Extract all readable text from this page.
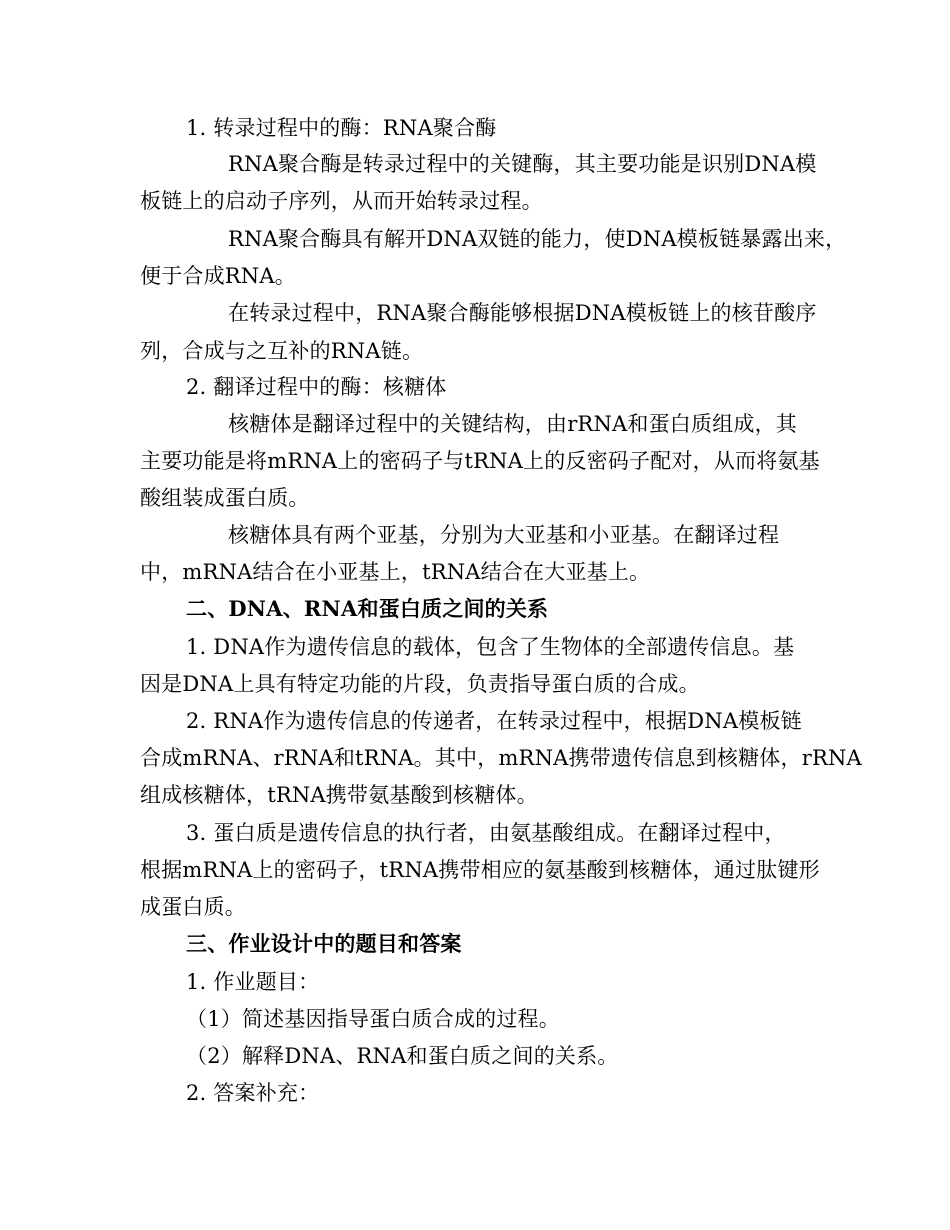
1. 转录过程中的酶：RNA聚合酶
RNA聚合酶是转录过程中的关键酶，其主要功能是识别DNA模
板链上的启动子序列，从而开始转录过程。
RNA聚合酶具有解开DNA双链的能力，使DNA模板链暴露出来，
便于合成RNA。
在转录过程中，RNA聚合酶能够根据DNA模板链上的核苷酸序
列，合成与之互补的RNA链。
2. 翻译过程中的酶：核糖体
核糖体是翻译过程中的关键结构，由rRNA和蛋白质组成，其
主要功能是将mRNA上的密码子与tRNA上的反密码子配对，从而将氨基
酸组装成蛋白质。
核糖体具有两个亚基，分别为大亚基和小亚基。在翻译过程
中，mRNA结合在小亚基上，tRNA结合在大亚基上。
二、DNA、RNA和蛋白质之间的关系
1. DNA作为遗传信息的载体，包含了生物体的全部遗传信息。基
因是DNA上具有特定功能的片段，负责指导蛋白质的合成。
2. RNA作为遗传信息的传递者，在转录过程中，根据DNA模板链
合成mRNA、rRNA和tRNA。其中，mRNA携带遗传信息到核糖体，rRNA
组成核糖体，tRNA携带氨基酸到核糖体。
3. 蛋白质是遗传信息的执行者，由氨基酸组成。在翻译过程中，
根据mRNA上的密码子，tRNA携带相应的氨基酸到核糖体，通过肽键形
成蛋白质。
三、作业设计中的题目和答案
1. 作业题目：
（1）简述基因指导蛋白质合成的过程。
（2）解释DNA、RNA和蛋白质之间的关系。
2. 答案补充：
